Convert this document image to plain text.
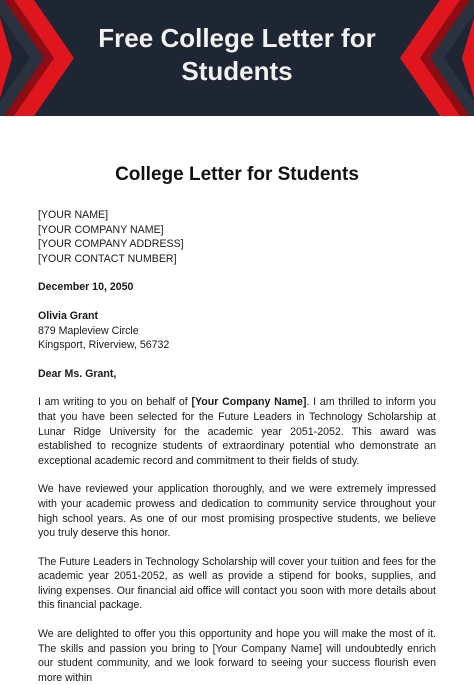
Free College Letter for
Students
College Letter for Students
[YOUR NAME]
[YOUR COMPANY NAME]
[YOUR COMPANY ADDRESS]
[YOUR CONTACT NUMBER]
December 10, 2050
Olivia Grant
879 Mapleview Circle
Kingsport, Riverview, 56732
Dear Ms. Grant,

I am writing to you on behalf of [Your Company Name]. I am thrilled to inform you that you have been selected for the Future Leaders in Technology Scholarship at Lunar Ridge University for the academic year 2051-2052. This award was established to recognize students of extraordinary potential who demonstrate an exceptional academic record and commitment to their fields of study.

We have reviewed your application thoroughly, and we were extremely impressed with your academic prowess and dedication to community service throughout your high school years. As one of our most promising prospective students, we believe you truly deserve this honor.

The Future Leaders in Technology Scholarship will cover your tuition and fees for the academic year 2051-2052, as well as provide a stipend for books, supplies, and living expenses. Our financial aid office will contact you soon with more details about this financial package.

We are delighted to offer you this opportunity and hope you will make the most of it. The skills and passion you bring to [Your Company Name] will undoubtedly enrich our student community, and we look forward to seeing your success flourish even more within
